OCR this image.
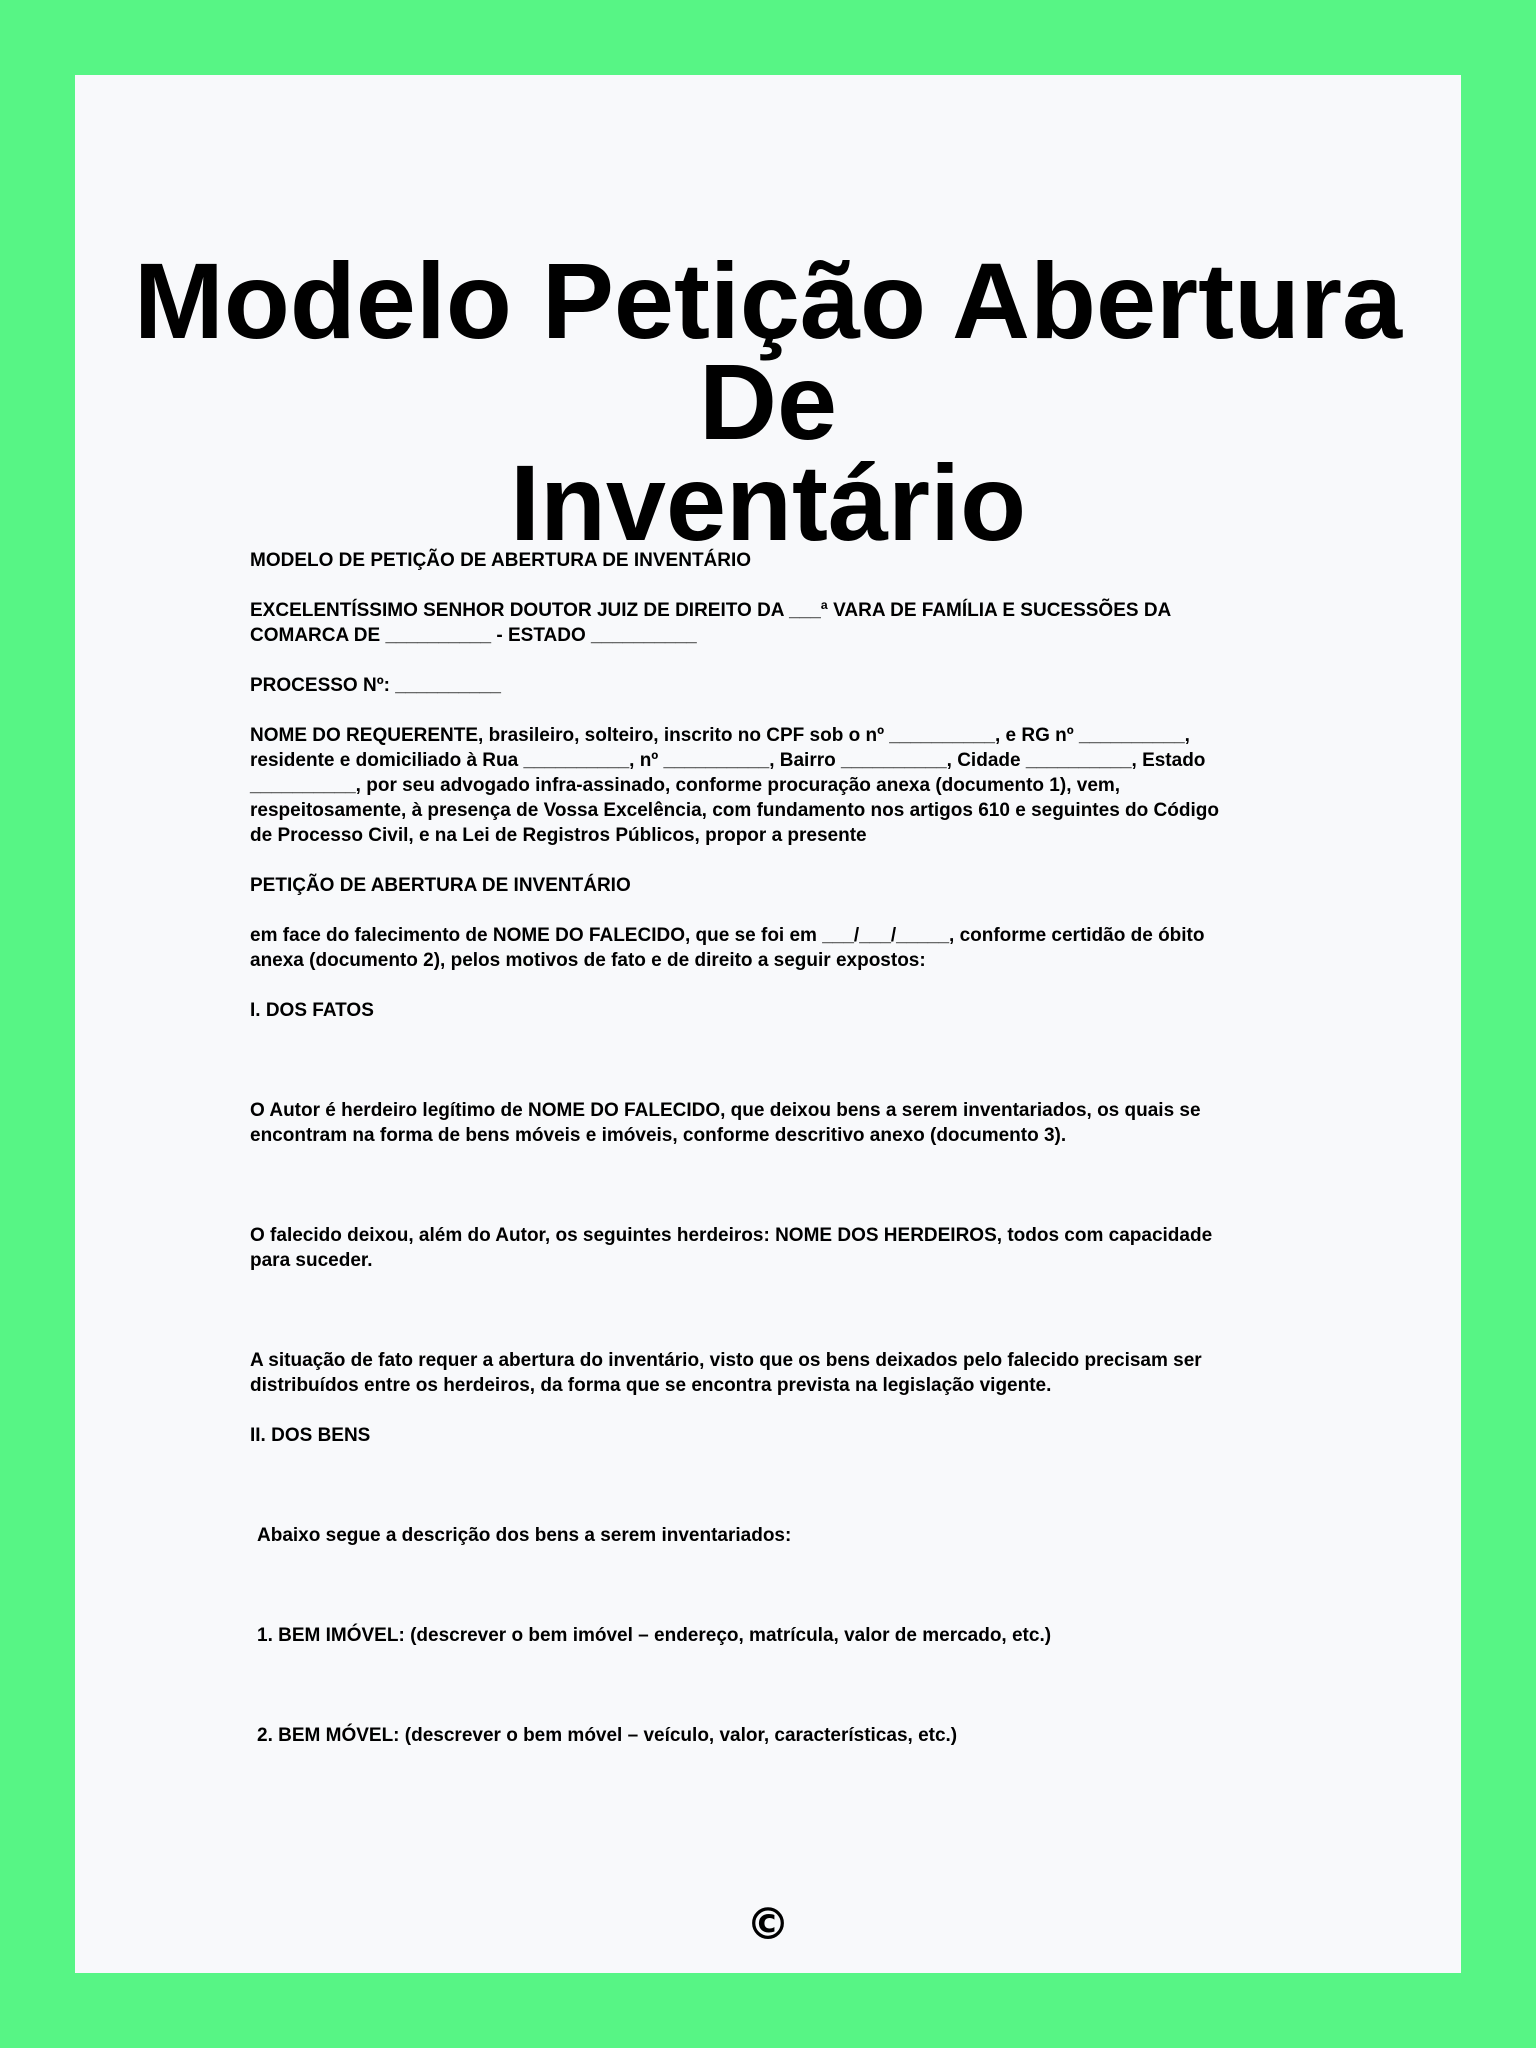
Modelo Petição Abertura De
Inventário

MODELO DE PETIÇÃO DE ABERTURA DE INVENTÁRIO

EXCELENTÍSSIMO SENHOR DOUTOR JUIZ DE DIREITO DA ___ª VARA DE FAMÍLIA E SUCESSÕES DA
COMARCA DE __________ - ESTADO __________

PROCESSO Nº: __________

NOME DO REQUERENTE, brasileiro, solteiro, inscrito no CPF sob o nº __________, e RG nº __________,
residente e domiciliado à Rua __________, nº __________, Bairro __________, Cidade __________, Estado
__________, por seu advogado infra-assinado, conforme procuração anexa (documento 1), vem,
respeitosamente, à presença de Vossa Excelência, com fundamento nos artigos 610 e seguintes do Código
de Processo Civil, e na Lei de Registros Públicos, propor a presente

PETIÇÃO DE ABERTURA DE INVENTÁRIO

em face do falecimento de NOME DO FALECIDO, que se foi em ___/___/_____, conforme certidão de óbito
anexa (documento 2), pelos motivos de fato e de direito a seguir expostos:

I. DOS FATOS

O Autor é herdeiro legítimo de NOME DO FALECIDO, que deixou bens a serem inventariados, os quais se
encontram na forma de bens móveis e imóveis, conforme descritivo anexo (documento 3).

O falecido deixou, além do Autor, os seguintes herdeiros: NOME DOS HERDEIROS, todos com capacidade
para suceder.

A situação de fato requer a abertura do inventário, visto que os bens deixados pelo falecido precisam ser
distribuídos entre os herdeiros, da forma que se encontra prevista na legislação vigente.

II. DOS BENS

Abaixo segue a descrição dos bens a serem inventariados:

1. BEM IMÓVEL: (descrever o bem imóvel – endereço, matrícula, valor de mercado, etc.)

2. BEM MÓVEL: (descrever o bem móvel – veículo, valor, características, etc.)

©
